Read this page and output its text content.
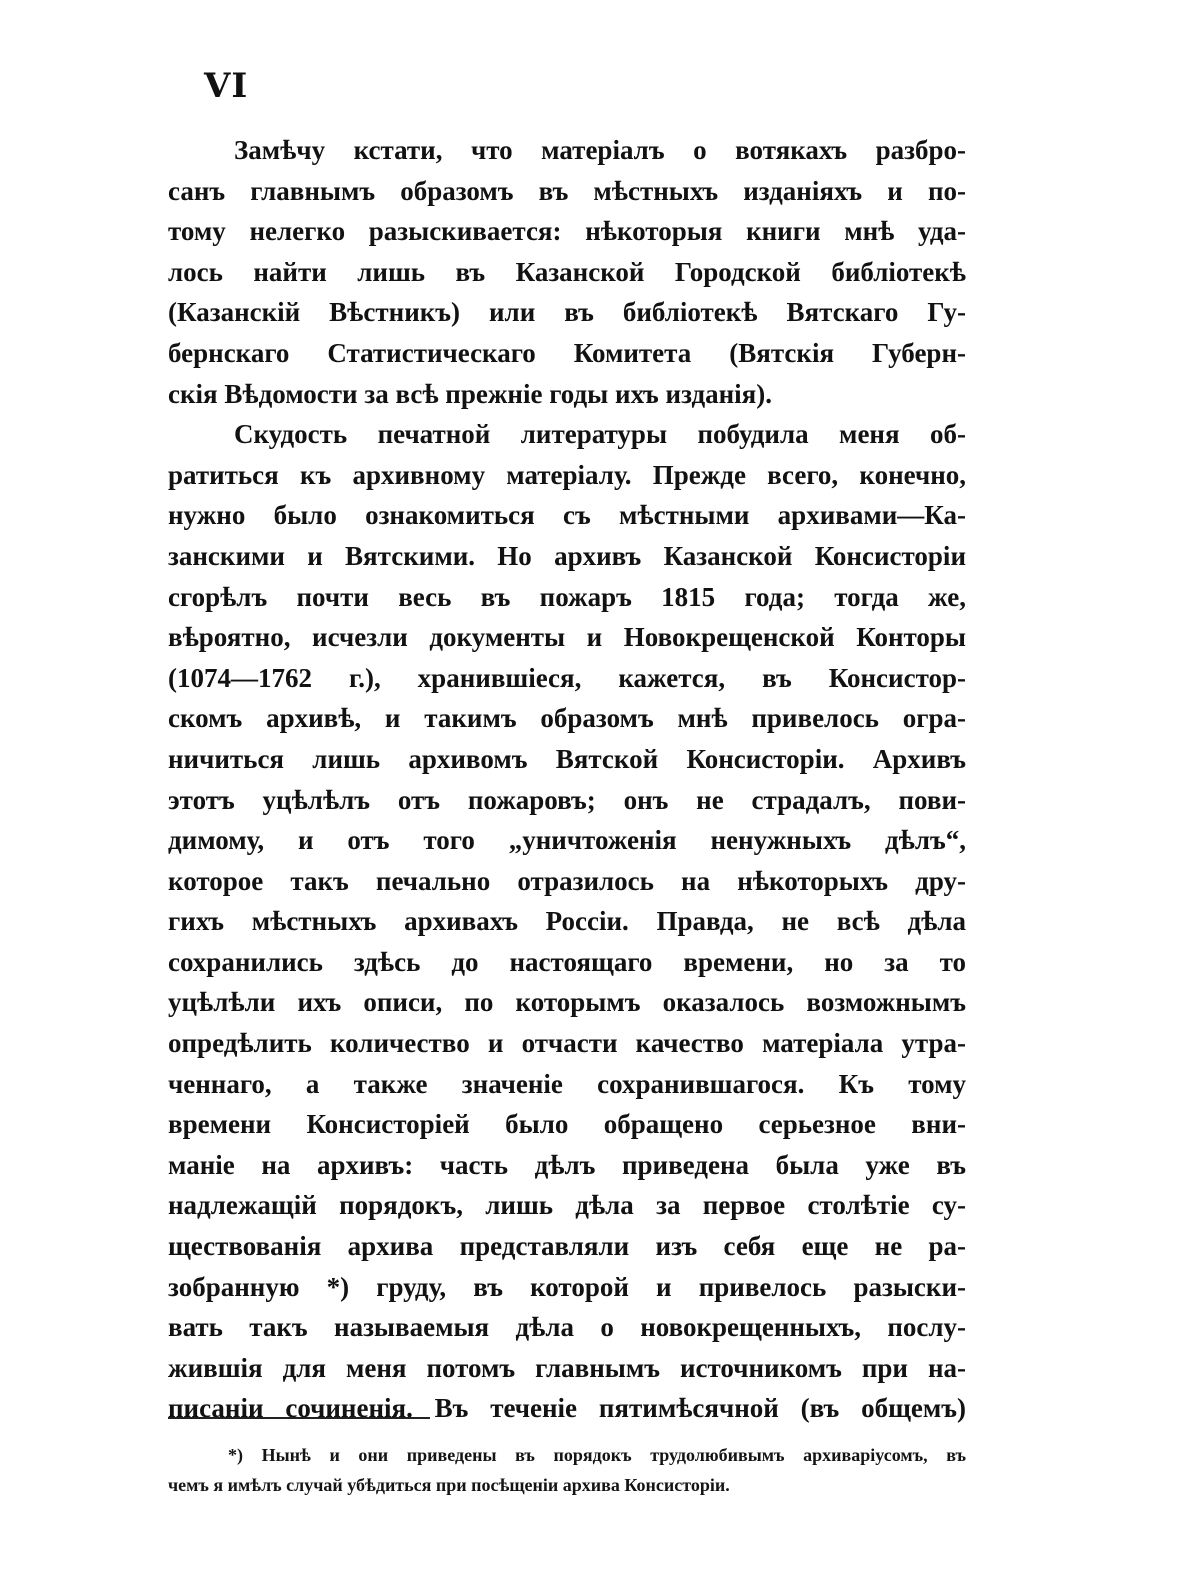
VI
Замѣчу кстати, что матеріалъ о вотякахъ разбро-
санъ главнымъ образомъ въ мѣстныхъ изданіяхъ и по-
тому нелегко разыскивается: нѣкоторыя книги мнѣ уда-
лось найти лишь въ Казанской Городской библіотекѣ
(Казанскій Вѣстникъ) или въ библіотекѣ Вятскаго Гу-
бернскаго Статистическаго Комитета (Вятскія Губерн-
скія Вѣдомости за всѣ прежніе годы ихъ изданія).
Скудость печатной литературы побудила меня об-
ратиться къ архивному матеріалу. Прежде всего, конечно,
нужно было ознакомиться съ мѣстными архивами—Ка-
занскими и Вятскими. Но архивъ Казанской Консисторіи
сгорѣлъ почти весь въ пожаръ 1815 года; тогда же,
вѣроятно, исчезли документы и Новокрещенской Конторы
(1074—1762 г.), хранившіеся, кажется, въ Консистор-
скомъ архивѣ, и такимъ образомъ мнѣ привелось огра-
ничиться лишь архивомъ Вятской Консисторіи. Архивъ
этотъ уцѣлѣлъ отъ пожаровъ; онъ не страдалъ, пови-
димому, и отъ того „уничтоженія ненужныхъ дѣлъ“,
которое такъ печально отразилось на нѣкоторыхъ дру-
гихъ мѣстныхъ архивахъ Россіи. Правда, не всѣ дѣла
сохранились здѣсь до настоящаго времени, но за то
уцѣлѣли ихъ описи, по которымъ оказалось возможнымъ
опредѣлить количество и отчасти качество матеріала утра-
ченнаго, а также значеніе сохранившагося. Къ тому
времени Консисторіей было обращено серьезное вни-
маніе на архивъ: часть дѣлъ приведена была уже въ
надлежащій порядокъ, лишь дѣла за первое столѣтіе су-
ществованія архива представляли изъ себя еще не ра-
зобранную *) груду, въ которой и привелось разыски-
вать такъ называемыя дѣла о новокрещенныхъ, послу-
жившія для меня потомъ главнымъ источникомъ при на-
писаніи сочиненія. Въ теченіе пятимѣсячной (въ общемъ)
*) Нынѣ и они приведены въ порядокъ трудолюбивымъ архиваріусомъ, въ
чемъ я имѣлъ случай убѣдиться при посѣщеніи архива Консисторіи.
